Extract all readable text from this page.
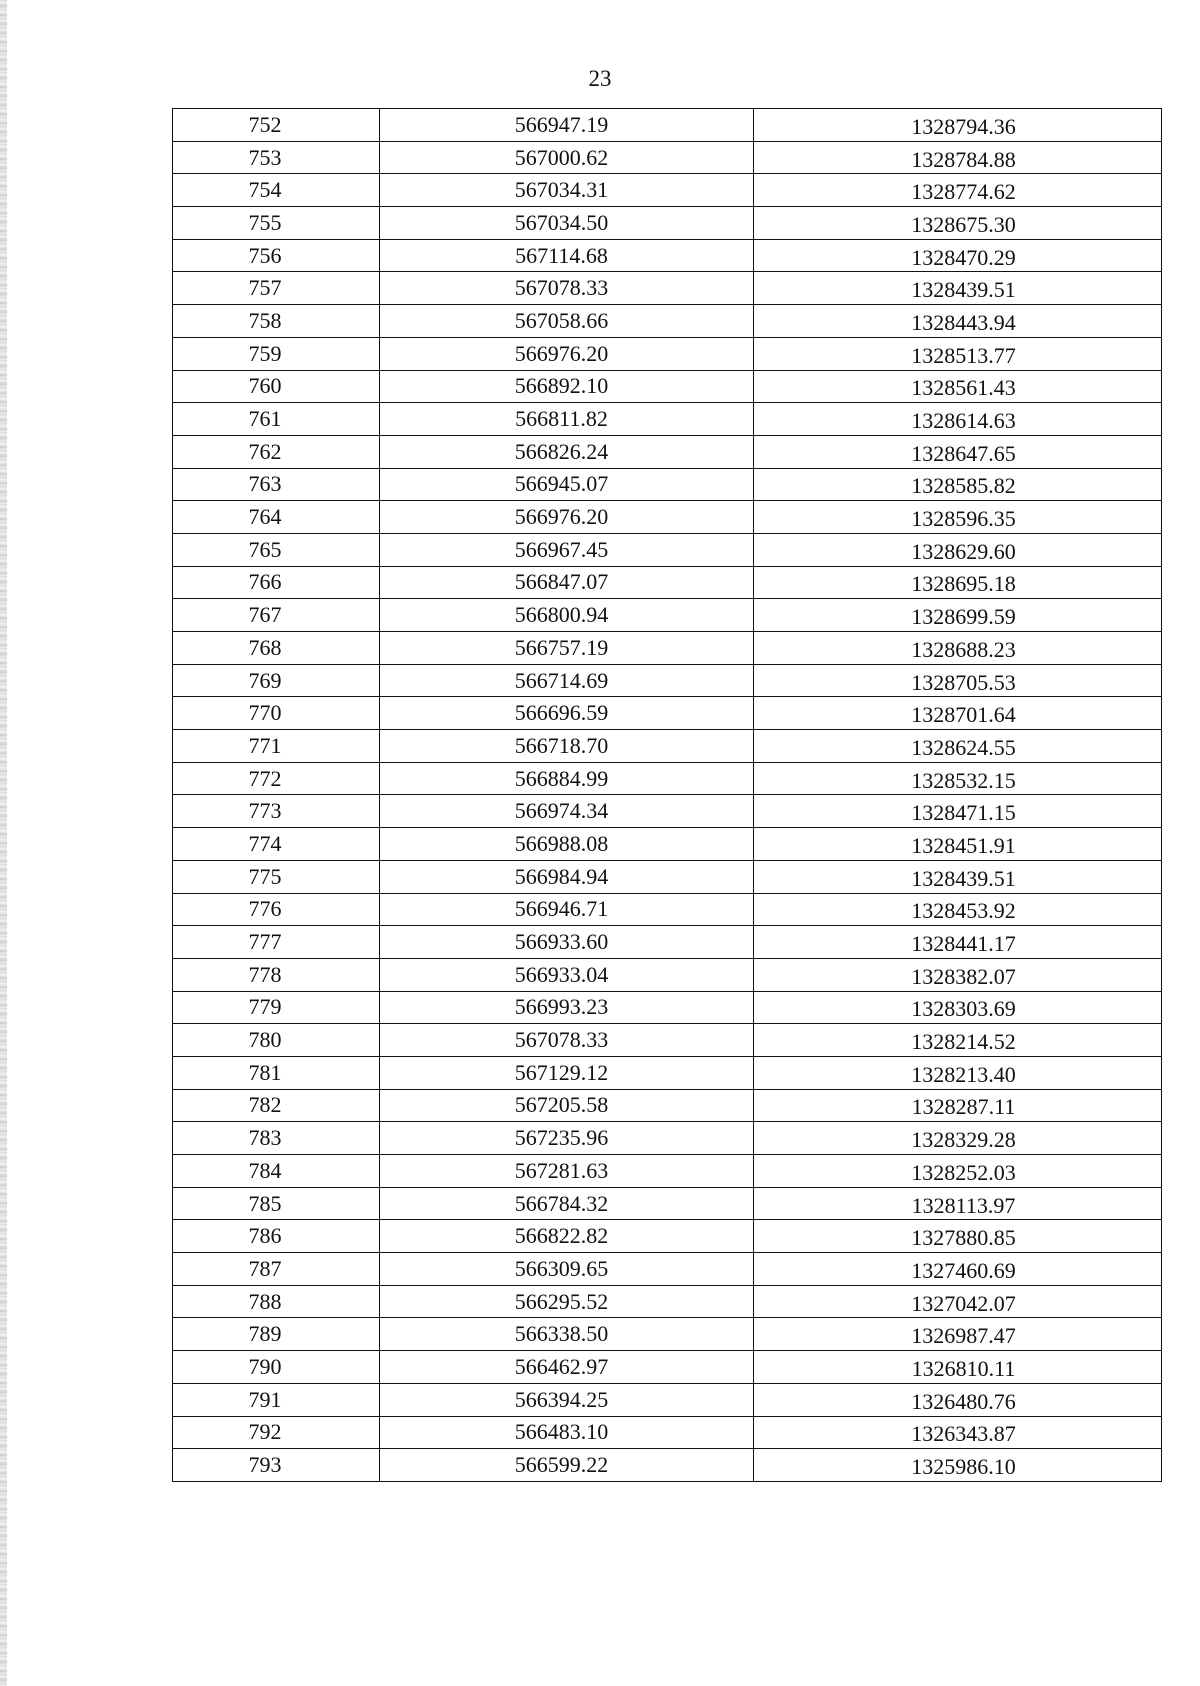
23
752	566947.19	1328794.36
753	567000.62	1328784.88
754	567034.31	1328774.62
755	567034.50	1328675.30
756	567114.68	1328470.29
757	567078.33	1328439.51
758	567058.66	1328443.94
759	566976.20	1328513.77
760	566892.10	1328561.43
761	566811.82	1328614.63
762	566826.24	1328647.65
763	566945.07	1328585.82
764	566976.20	1328596.35
765	566967.45	1328629.60
766	566847.07	1328695.18
767	566800.94	1328699.59
768	566757.19	1328688.23
769	566714.69	1328705.53
770	566696.59	1328701.64
771	566718.70	1328624.55
772	566884.99	1328532.15
773	566974.34	1328471.15
774	566988.08	1328451.91
775	566984.94	1328439.51
776	566946.71	1328453.92
777	566933.60	1328441.17
778	566933.04	1328382.07
779	566993.23	1328303.69
780	567078.33	1328214.52
781	567129.12	1328213.40
782	567205.58	1328287.11
783	567235.96	1328329.28
784	567281.63	1328252.03
785	566784.32	1328113.97
786	566822.82	1327880.85
787	566309.65	1327460.69
788	566295.52	1327042.07
789	566338.50	1326987.47
790	566462.97	1326810.11
791	566394.25	1326480.76
792	566483.10	1326343.87
793	566599.22	1325986.10
